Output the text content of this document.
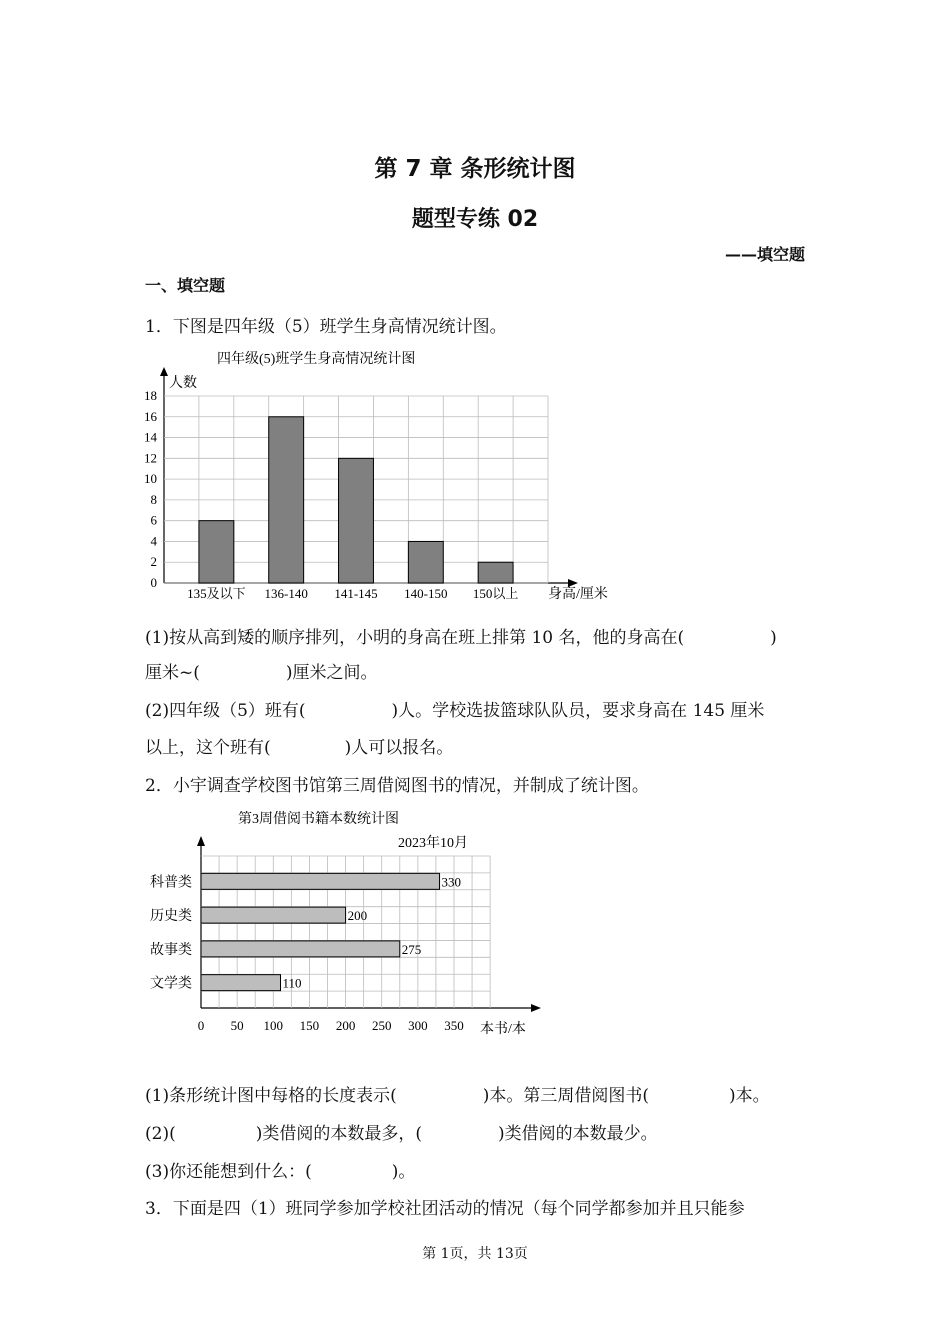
第 7 章 条形统计图
题型专练 02
——填空题
一、填空题
1．下图是四年级（5）班学生身高情况统计图。
四年级(5)班学生身高情况统计图
人数
身高/厘米
0
2
4
6
8
10
12
14
16
18
135及以下 136-140 141-145 140-150 150以上
(1)按从高到矮的顺序排列，小明的身高在班上排第 10 名，他的身高在(	)
厘米~(	)厘米之间。
(2)四年级（5）班有(	)人。学校选拔篮球队队员，要求身高在 145 厘米
以上，这个班有(	)人可以报名。
2．小宇调查学校图书馆第三周借阅图书的情况，并制成了统计图。
第3周借阅书籍本数统计图
2023年10月
本书/本
330
200
275
110
科普类
历史类
故事类
文学类
0 50 100 150 200 250 300 350
(1)条形统计图中每格的长度表示(	)本。第三周借阅图书(	)本。
(2)(	)类借阅的本数最多，(	)类借阅的本数最少。
(3)你还能想到什么：(	)。
3．下面是四（1）班同学参加学校社团活动的情况（每个同学都参加并且只能参
第 1页，共 13页
